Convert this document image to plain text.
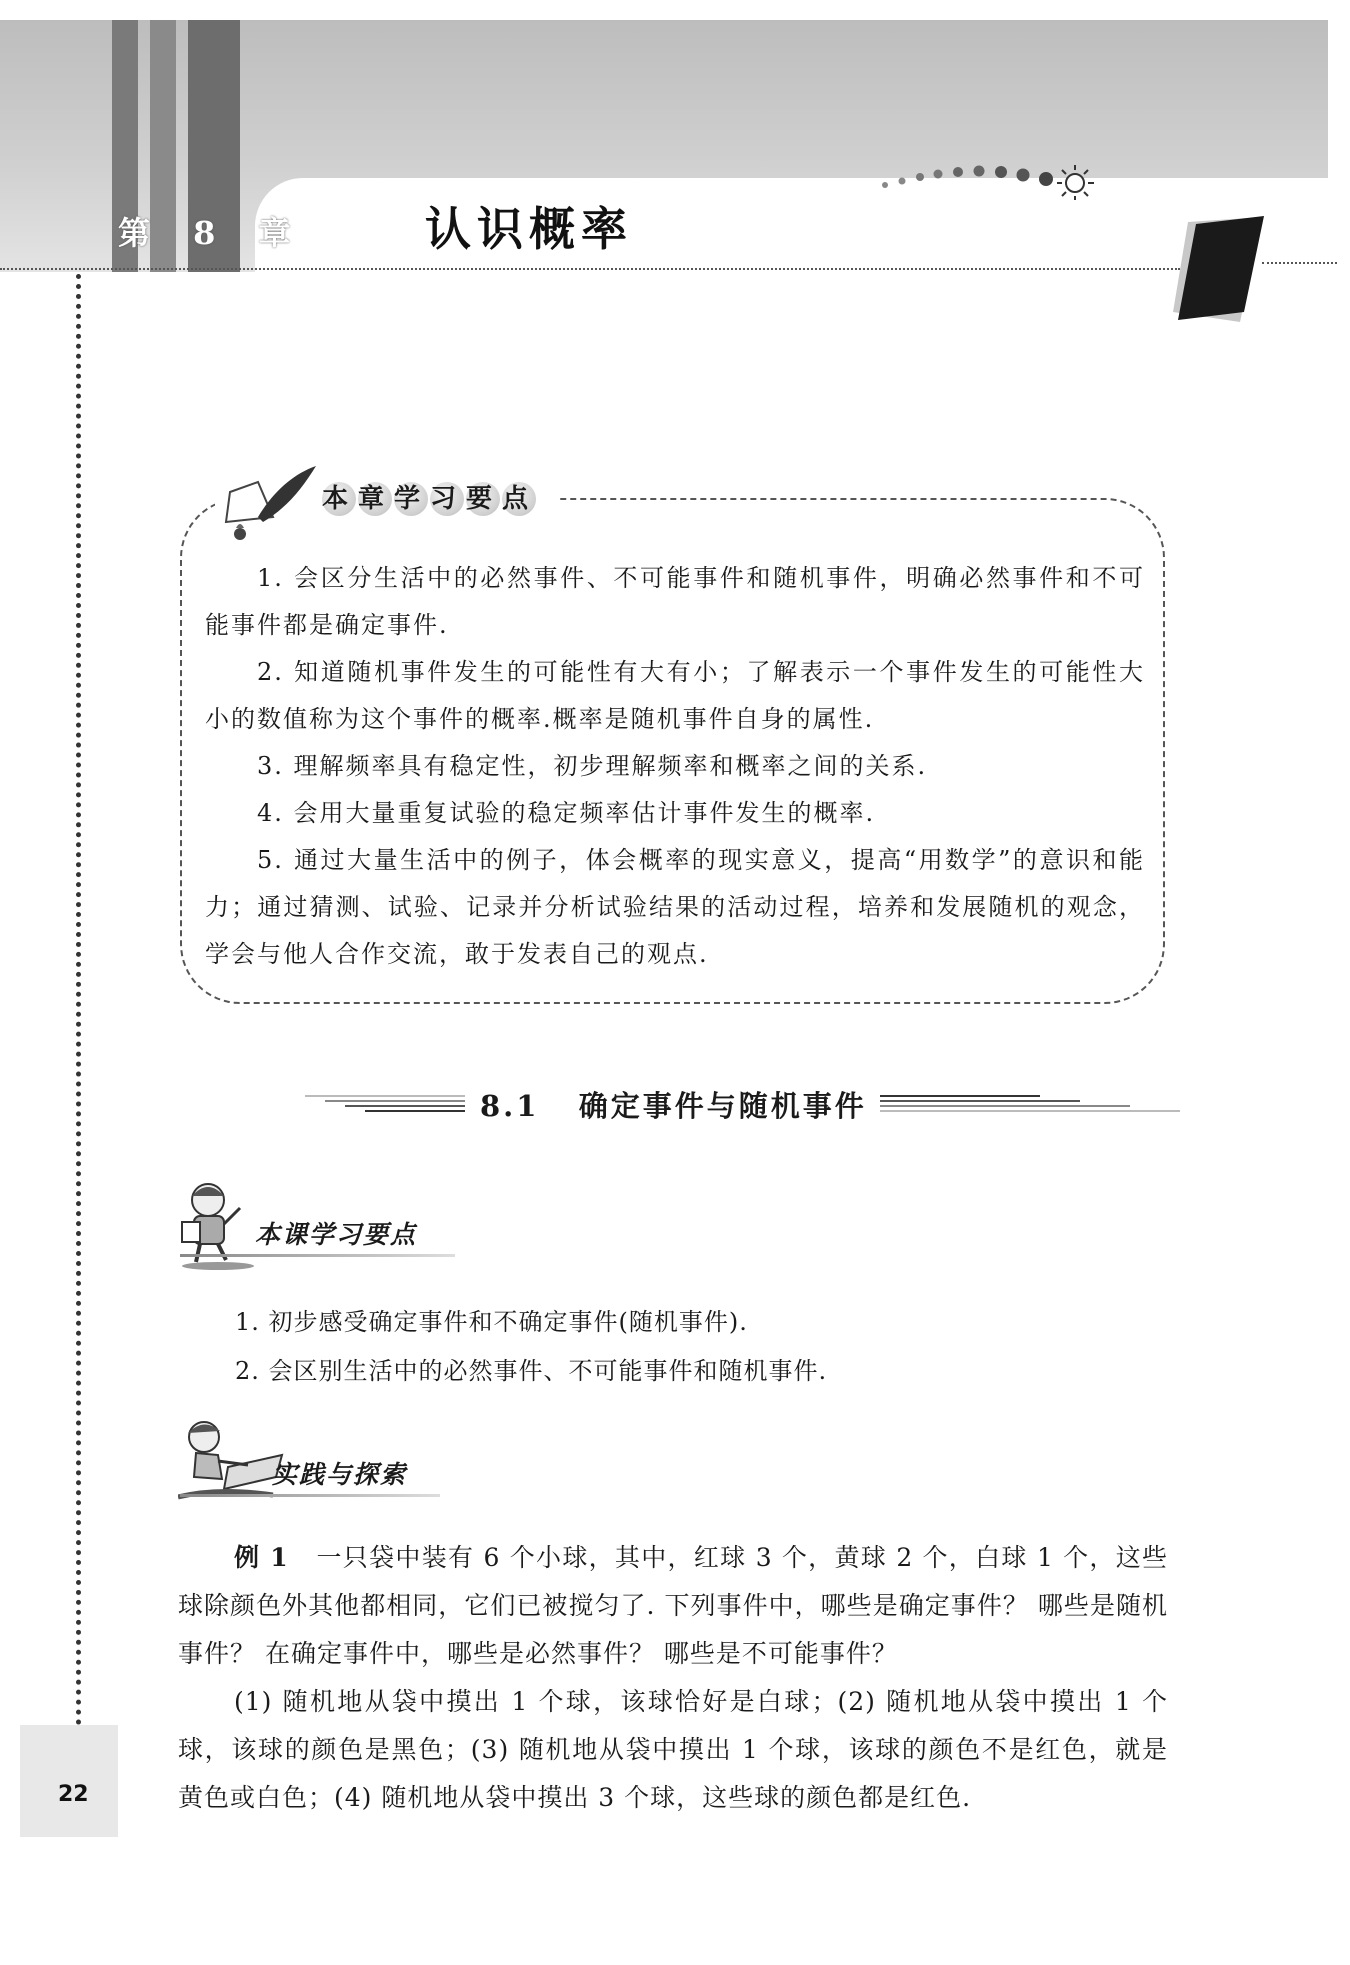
第 8 章	认识概率
22
本章学习要点

1. 会区分生活中的必然事件、不可能事件和随机事件，明确必然事件和不可能事件都是确定事件.

2. 知道随机事件发生的可能性有大有小；了解表示一个事件发生的可能性大小的数值称为这个事件的概率.概率是随机事件自身的属性.

3. 理解频率具有稳定性，初步理解频率和概率之间的关系.

4. 会用大量重复试验的稳定频率估计事件发生的概率.

5. 通过大量生活中的例子，体会概率的现实意义，提高“用数学”的意识和能力；通过猜测、试验、记录并分析试验结果的活动过程，培养和发展随机的观念，学会与他人合作交流，敢于发表自己的观点.

8.1 确定事件与随机事件
本课学习要点

1. 初步感受确定事件和不确定事件(随机事件).

2. 会区别生活中的必然事件、不可能事件和随机事件.

实践与探索

例 1 一只袋中装有 6 个小球，其中，红球 3 个，黄球 2 个，白球 1 个，这些球除颜色外其他都相同，它们已被搅匀了. 下列事件中，哪些是确定事件？ 哪些是随机事件？ 在确定事件中，哪些是必然事件？ 哪些是不可能事件？

(1) 随机地从袋中摸出 1 个球，该球恰好是白球；(2) 随机地从袋中摸出 1 个球，该球的颜色是黑色；(3) 随机地从袋中摸出 1 个球，该球的颜色不是红色，就是黄色或白色；(4) 随机地从袋中摸出 3 个球，这些球的颜色都是红色.
